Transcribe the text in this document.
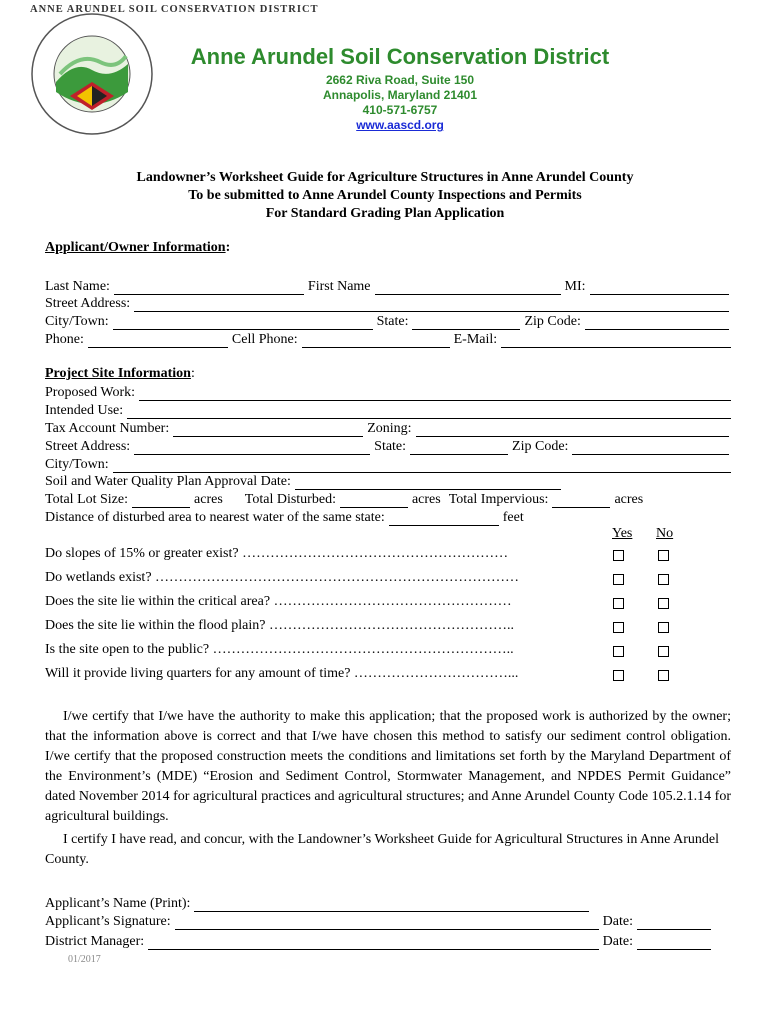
ANNE ARUNDEL SOIL CONSERVATION DISTRICT
Anne Arundel Soil Conservation District
2662 Riva Road, Suite 150
Annapolis, Maryland 21401
410-571-6757
www.aascd.org
Landowner’s Worksheet Guide for Agriculture Structures in Anne Arundel County
To be submitted to Anne Arundel County Inspections and Permits
For Standard Grading Plan Application
Applicant/Owner Information:
Last Name:	First Name	MI:
Street Address:
City/Town:	State:	Zip Code:
Phone:	Cell Phone:	E-Mail:
Project Site Information:
Proposed Work:
Intended Use:
Tax Account Number:	Zoning:
Street Address:	State:	Zip Code:
City/Town:
Soil and Water Quality Plan Approval Date:
Total Lot Size:	acres	Total Disturbed:	acres Total Impervious:	acres
Distance of disturbed area to nearest water of the same state:	feet
Yes No
Do slopes of 15% or greater exist? …………………………………………………
Do wetlands exist? ……………………………………………………………………
Does the site lie within the critical area? ……………………………………………
Does the site lie within the flood plain? ……………………………………………..
Is the site open to the public? ………………………………………………………..
Will it provide living quarters for any amount of time? ……………………………...
I/we certify that I/we have the authority to make this application; that the proposed work is authorized by the owner; that the information above is correct and that I/we have chosen this method to satisfy our sediment control obligation. I/we certify that the proposed construction meets the conditions and limitations set forth by the Maryland Department of the Environment’s (MDE) “Erosion and Sediment Control, Stormwater Management, and NPDES Permit Guidance” dated November 2014 for agricultural practices and agricultural structures; and Anne Arundel County Code 105.2.1.14 for agricultural buildings.
I certify I have read, and concur, with the Landowner’s Worksheet Guide for Agricultural Structures in Anne Arundel County.
Applicant’s Name (Print):
Applicant’s Signature:	Date:
District Manager:	Date:
01/2017
